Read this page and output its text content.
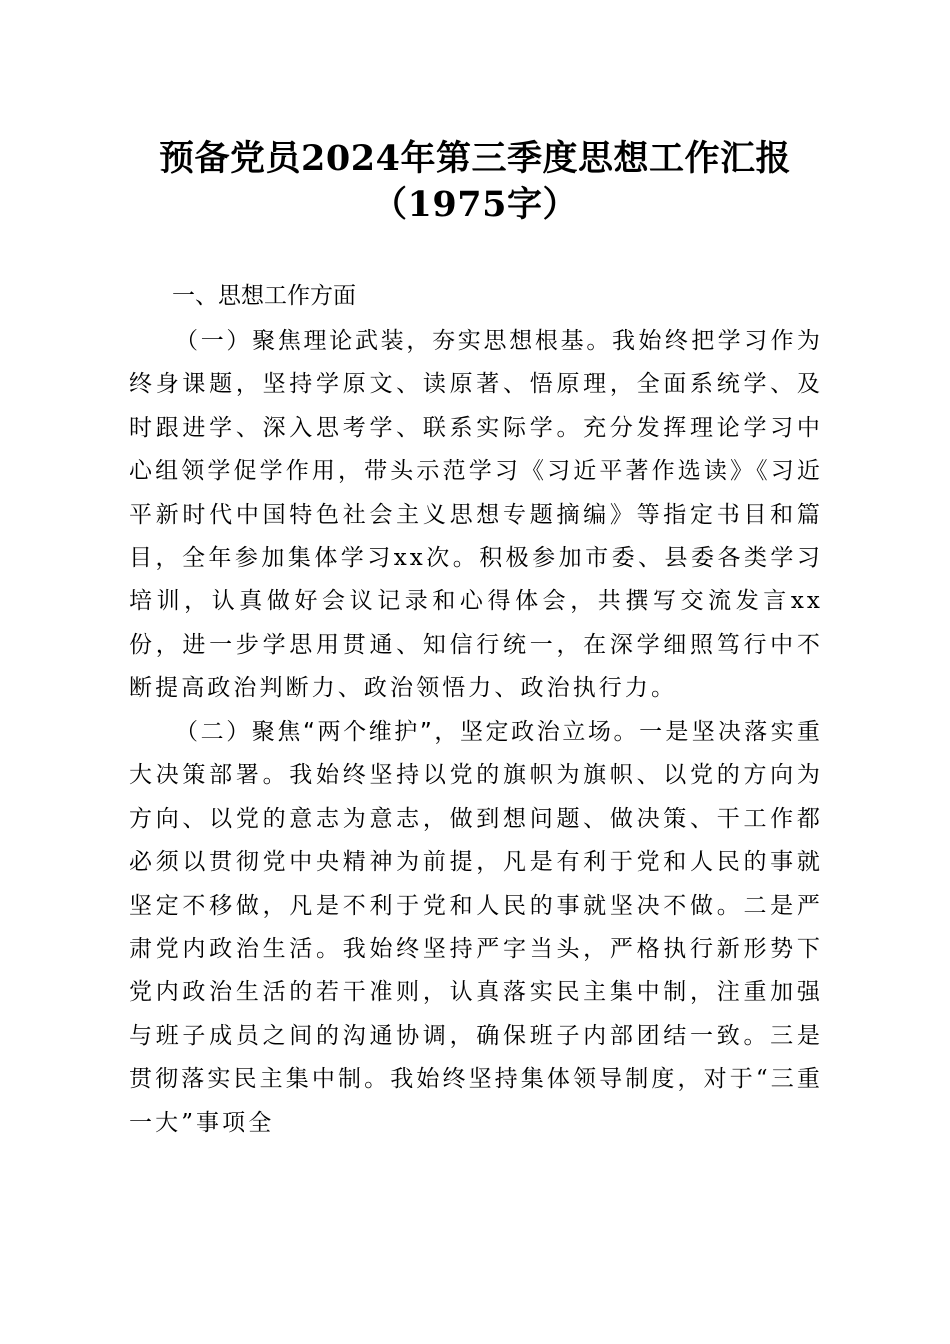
预备党员2024年第三季度思想工作汇报
（1975字）
一、思想工作方面

（一）聚焦理论武装，夯实思想根基。我始终把学习作为终身课题，坚持学原文、读原著、悟原理，全面系统学、及时跟进学、深入思考学、联系实际学。充分发挥理论学习中心组领学促学作用，带头示范学习《习近平著作选读》《习近平新时代中国特色社会主义思想专题摘编》等指定书目和篇目，全年参加集体学习xx次。积极参加市委、县委各类学习培训，认真做好会议记录和心得体会，共撰写交流发言xx份，进一步学思用贯通、知信行统一，在深学细照笃行中不断提高政治判断力、政治领悟力、政治执行力。

（二）聚焦“两个维护”，坚定政治立场。一是坚决落实重大决策部署。我始终坚持以党的旗帜为旗帜、以党的方向为方向、以党的意志为意志，做到想问题、做决策、干工作都必须以贯彻党中央精神为前提，凡是有利于党和人民的事就坚定不移做，凡是不利于党和人民的事就坚决不做。二是严肃党内政治生活。我始终坚持严字当头，严格执行新形势下党内政治生活的若干准则，认真落实民主集中制，注重加强与班子成员之间的沟通协调，确保班子内部团结一致。三是贯彻落实民主集中制。我始终坚持集体领导制度，对于“三重一大”事项全
